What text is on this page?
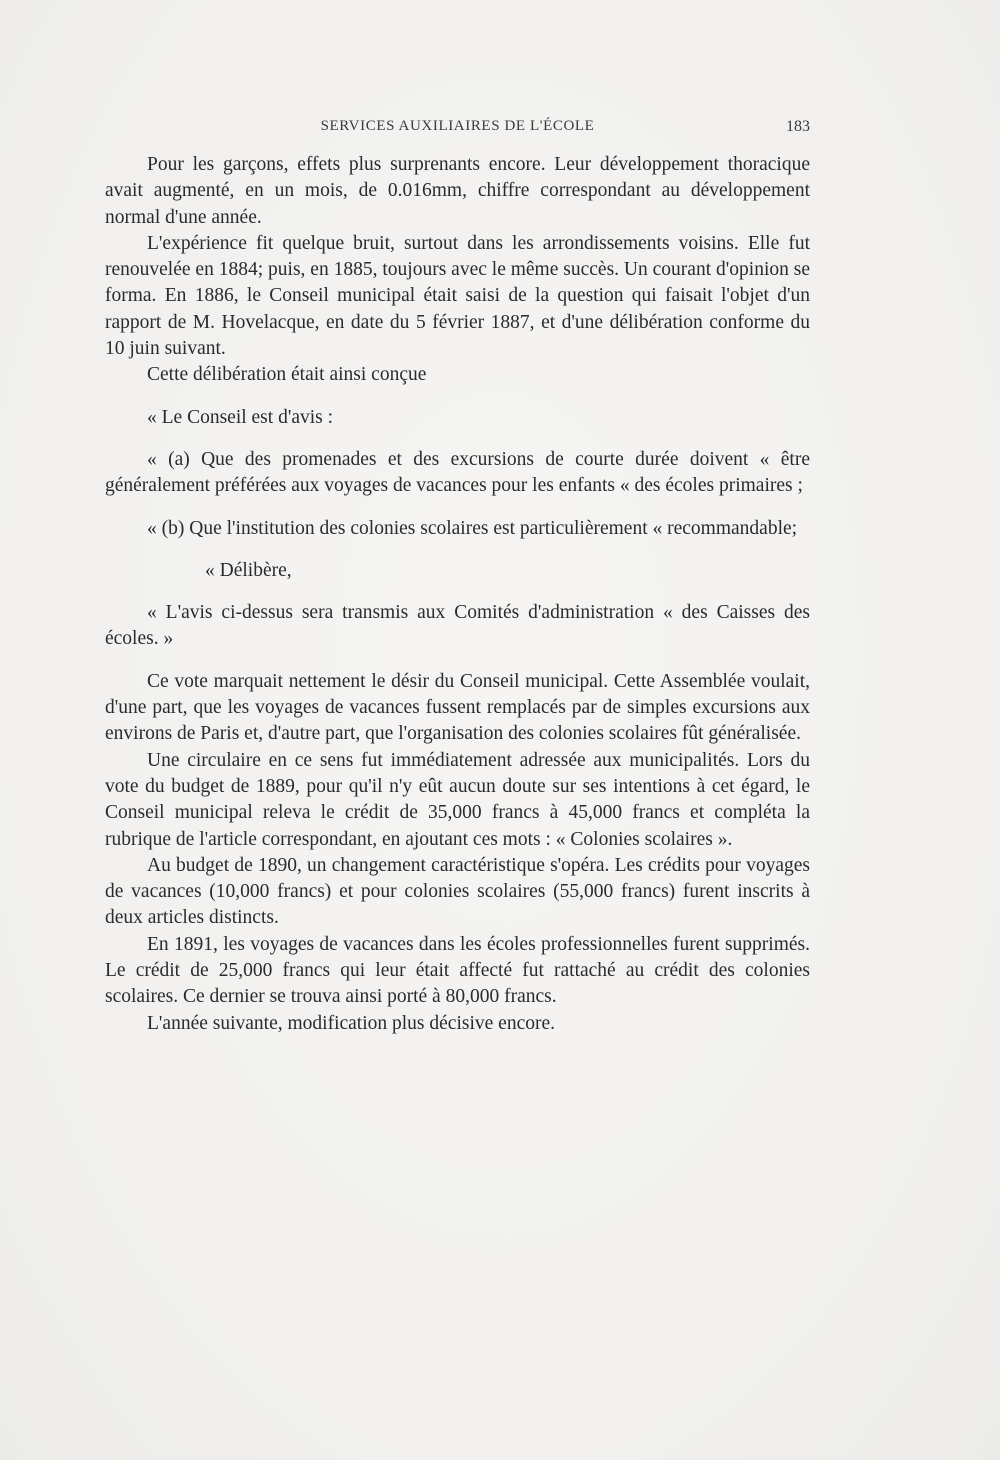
SERVICES AUXILIAIRES DE L'ÉCOLE	183

Pour les garçons, effets plus surprenants encore. Leur développement thoracique avait augmenté, en un mois, de 0.016mm, chiffre correspondant au développement normal d'une année.

L'expérience fit quelque bruit, surtout dans les arrondissements voisins. Elle fut renouvelée en 1884; puis, en 1885, toujours avec le même succès. Un courant d'opinion se forma. En 1886, le Conseil municipal était saisi de la question qui faisait l'objet d'un rapport de M. Hovelacque, en date du 5 février 1887, et d'une délibération conforme du 10 juin suivant.

Cette délibération était ainsi conçue

« Le Conseil est d'avis :

« (a) Que des promenades et des excursions de courte durée doivent « être généralement préférées aux voyages de vacances pour les enfants « des écoles primaires ;

« (b) Que l'institution des colonies scolaires est particulièrement « recommandable;

« Délibère,

« L'avis ci-dessus sera transmis aux Comités d'administration « des Caisses des écoles. »

Ce vote marquait nettement le désir du Conseil municipal. Cette Assemblée voulait, d'une part, que les voyages de vacances fussent remplacés par de simples excursions aux environs de Paris et, d'autre part, que l'organisation des colonies scolaires fût généralisée.

Une circulaire en ce sens fut immédiatement adressée aux municipalités. Lors du vote du budget de 1889, pour qu'il n'y eût aucun doute sur ses intentions à cet égard, le Conseil municipal releva le crédit de 35,000 francs à 45,000 francs et compléta la rubrique de l'article correspondant, en ajoutant ces mots : « Colonies scolaires ».

Au budget de 1890, un changement caractéristique s'opéra. Les crédits pour voyages de vacances (10,000 francs) et pour colonies scolaires (55,000 francs) furent inscrits à deux articles distincts.

En 1891, les voyages de vacances dans les écoles professionnelles furent supprimés. Le crédit de 25,000 francs qui leur était affecté fut rattaché au crédit des colonies scolaires. Ce dernier se trouva ainsi porté à 80,000 francs.

L'année suivante, modification plus décisive encore.
